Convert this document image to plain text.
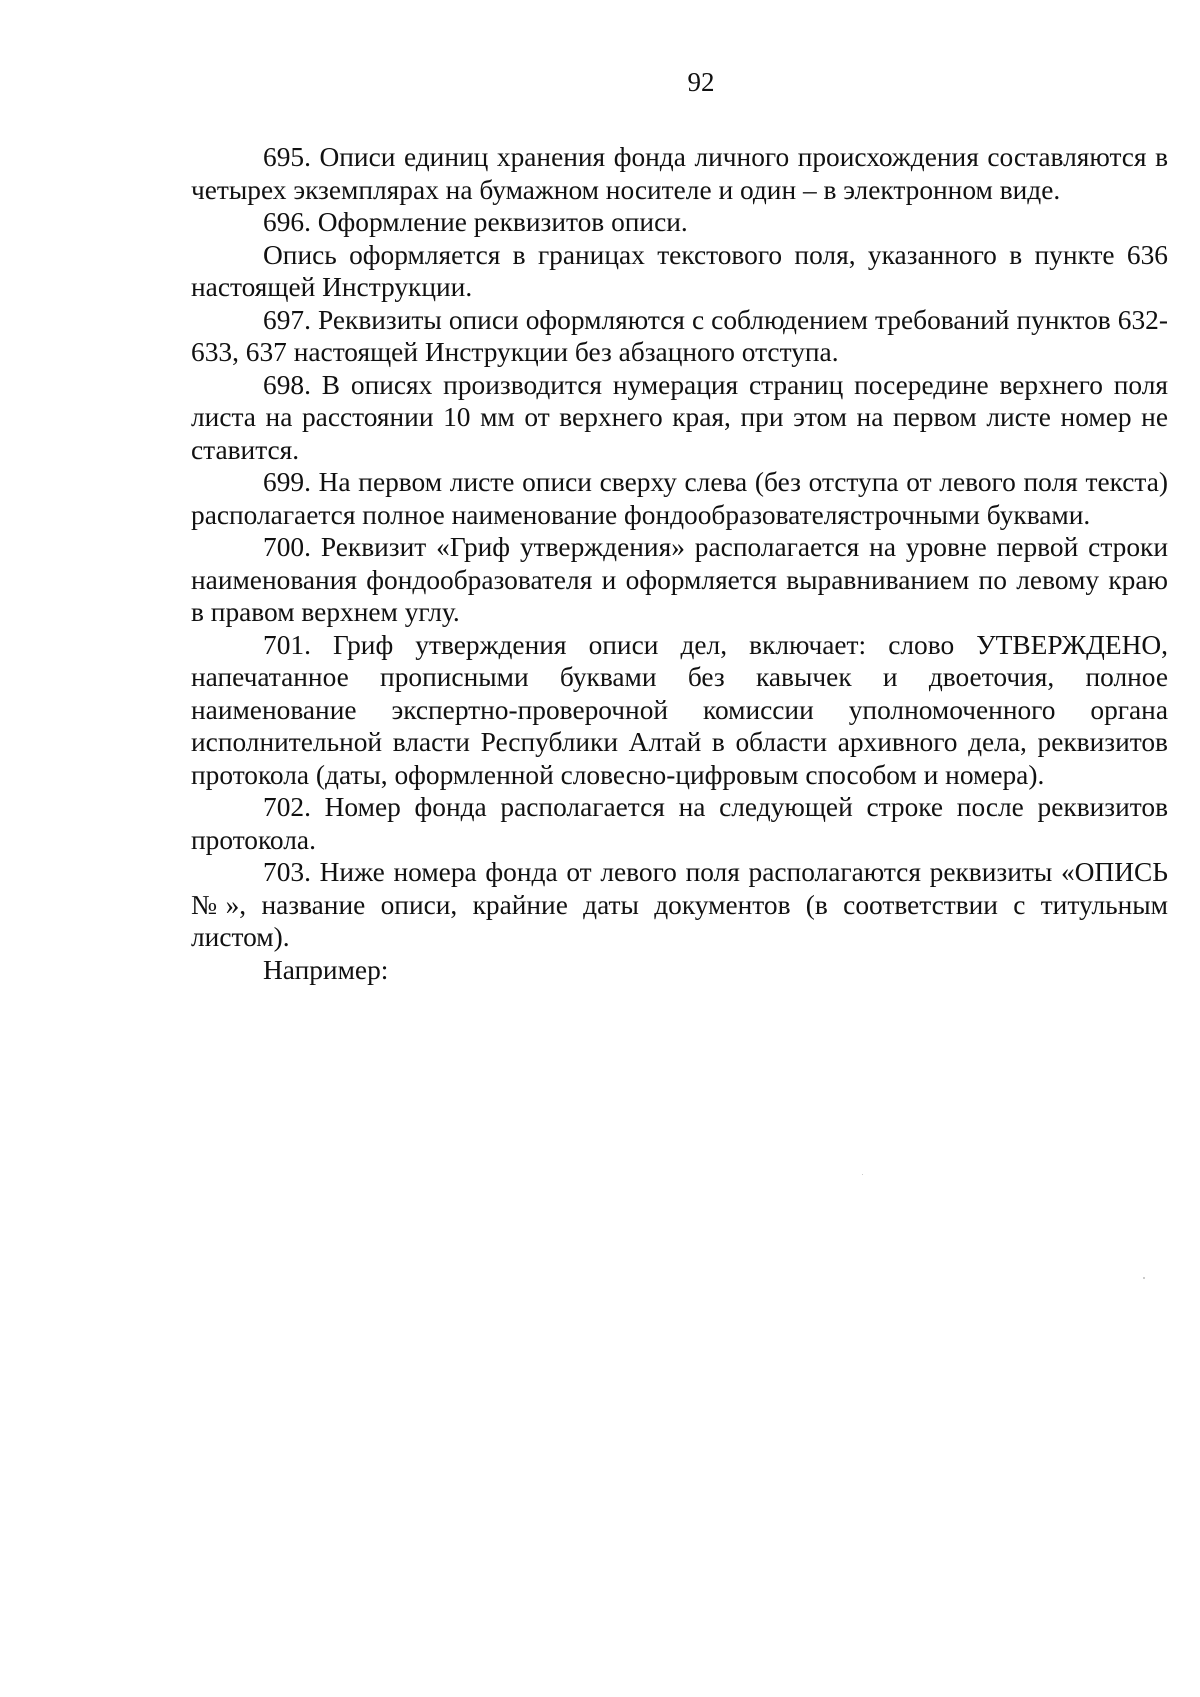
92

695. Описи единиц хранения фонда личного происхождения составляются в четырех экземплярах на бумажном носителе и один – в электронном виде.

696. Оформление реквизитов описи.

Опись оформляется в границах текстового поля, указанного в пункте 636 настоящей Инструкции.

697. Реквизиты описи оформляются с соблюдением требований пунктов 632-633, 637 настоящей Инструкции без абзацного отступа.

698. В описях производится нумерация страниц посередине верхнего поля листа на расстоянии 10 мм от верхнего края, при этом на первом листе номер не ставится.

699. На первом листе описи сверху слева (без отступа от левого поля текста) располагается полное наименование фондообразователястрочными буквами.

700. Реквизит «Гриф утверждения» располагается на уровне первой строки наименования фондообразователя и оформляется выравниванием по левому краю в правом верхнем углу.

701. Гриф утверждения описи дел, включает: слово УТВЕРЖДЕНО, напечатанное прописными буквами без кавычек и двоеточия, полное наименование экспертно-проверочной комиссии уполномоченного органа исполнительной власти Республики Алтай в области архивного дела, реквизитов протокола (даты, оформленной словесно-цифровым способом и номера).

702. Номер фонда располагается на следующей строке после реквизитов протокола.

703. Ниже номера фонда от левого поля располагаются реквизиты «ОПИСЬ №», название описи, крайние даты документов (в соответствии с титульным листом).

Например:
